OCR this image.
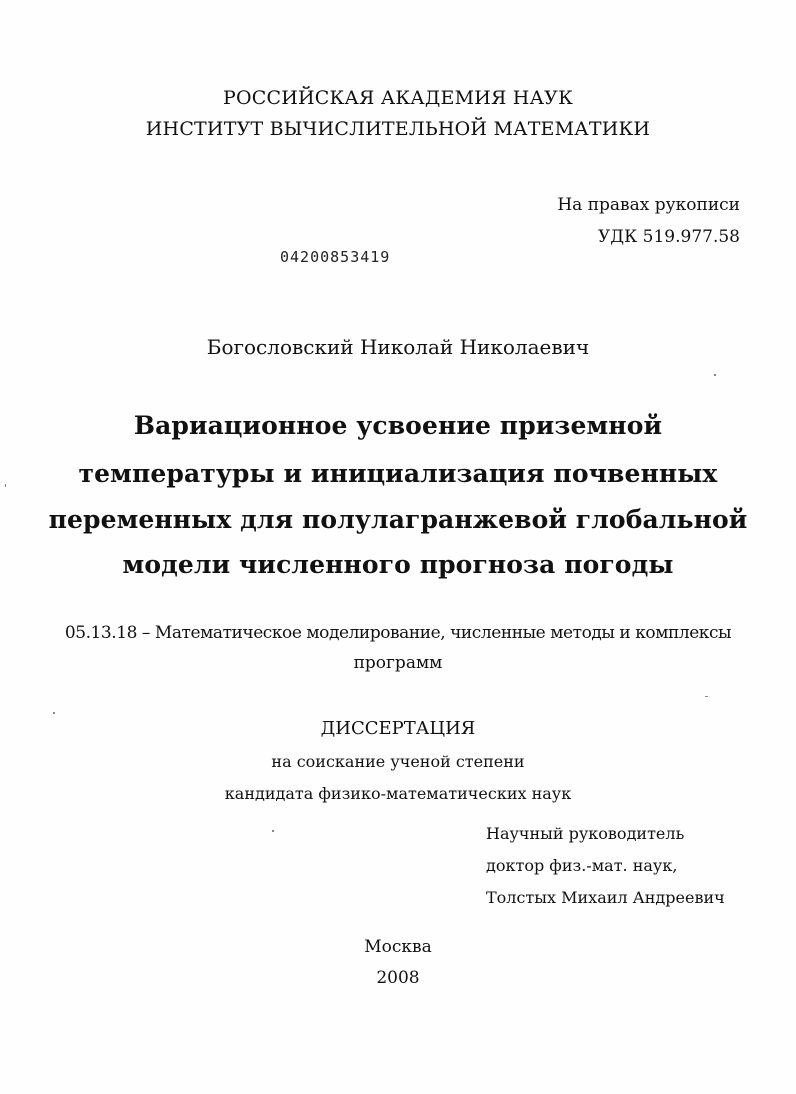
РОССИЙСКАЯ АКАДЕМИЯ НАУК
ИНСТИТУТ ВЫЧИСЛИТЕЛЬНОЙ МАТЕМАТИКИ
На правах рукописи
УДК 519.977.58
04200853419
Богословский Николай Николаевич
Вариационное усвоение приземной
температуры и инициализация почвенных
переменных для полулагранжевой глобальной
модели численного прогноза погоды
05.13.18 – Математическое моделирование, численные методы и комплексы
программ
ДИССЕРТАЦИЯ
на соискание ученой степени
кандидата физико-математических наук
Научный руководитель
доктор физ.-мат. наук,
Толстых Михаил Андреевич
Москва
2008
